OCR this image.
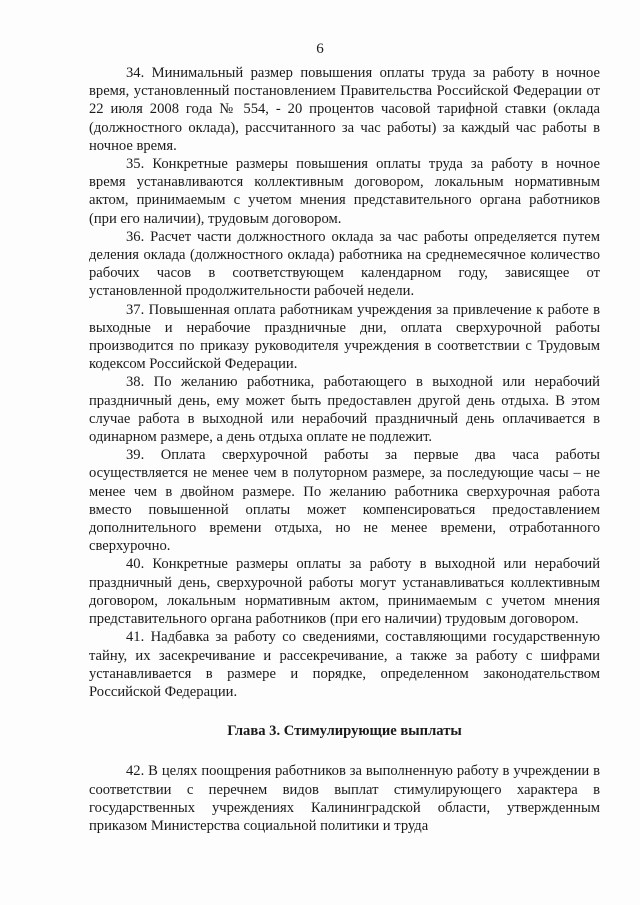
6

34. Минимальный размер повышения оплаты труда за работу в ночное время, установленный постановлением Правительства Российской Федерации от 22 июля 2008 года № 554, - 20 процентов часовой тарифной ставки (оклада (должностного оклада), рассчитанного за час работы) за каждый час работы в ночное время.

35. Конкретные размеры повышения оплаты труда за работу в ночное время устанавливаются коллективным договором, локальным нормативным актом, принимаемым с учетом мнения представительного органа работников (при его наличии), трудовым договором.

36. Расчет части должностного оклада за час работы определяется путем деления оклада (должностного оклада) работника на среднемесячное количество рабочих часов в соответствующем календарном году, зависящее от установленной продолжительности рабочей недели.

37. Повышенная оплата работникам учреждения за привлечение к работе в выходные и нерабочие праздничные дни, оплата сверхурочной работы производится по приказу руководителя учреждения в соответствии с Трудовым кодексом Российской Федерации.

38. По желанию работника, работающего в выходной или нерабочий праздничный день, ему может быть предоставлен другой день отдыха. В этом случае работа в выходной или нерабочий праздничный день оплачивается в одинарном размере, а день отдыха оплате не подлежит.

39. Оплата сверхурочной работы за первые два часа работы осуществляется не менее чем в полуторном размере, за последующие часы – не менее чем в двойном размере. По желанию работника сверхурочная работа вместо повышенной оплаты может компенсироваться предоставлением дополнительного времени отдыха, но не менее времени, отработанного сверхурочно.

40. Конкретные размеры оплаты за работу в выходной или нерабочий праздничный день, сверхурочной работы могут устанавливаться коллективным договором, локальным нормативным актом, принимаемым с учетом мнения представительного органа работников (при его наличии) трудовым договором.

41. Надбавка за работу со сведениями, составляющими государственную тайну, их засекречивание и рассекречивание, а также за работу с шифрами устанавливается в размере и порядке, определенном законодательством Российской Федерации.

Глава 3. Стимулирующие выплаты

42. В целях поощрения работников за выполненную работу в учреждении в соответствии с перечнем видов выплат стимулирующего характера в государственных учреждениях Калининградской области, утвержденным приказом Министерства социальной политики и труда
